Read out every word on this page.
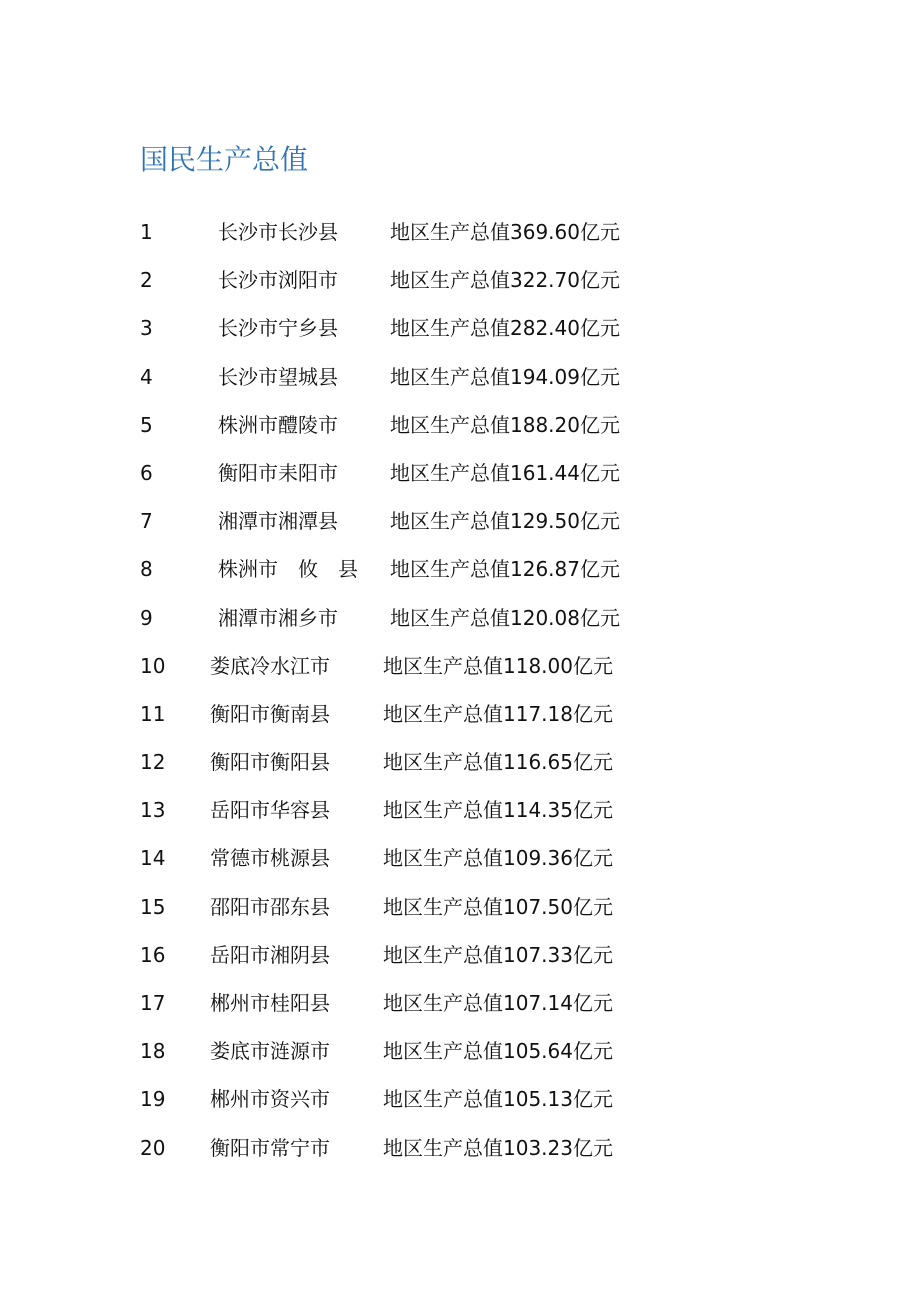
国民生产总值
1	长沙市长沙县	地区生产总值369.60亿元
2	长沙市浏阳市	地区生产总值322.70亿元
3	长沙市宁乡县	地区生产总值282.40亿元
4	长沙市望城县	地区生产总值194.09亿元
5	株洲市醴陵市	地区生产总值188.20亿元
6	衡阳市耒阳市	地区生产总值161.44亿元
7	湘潭市湘潭县	地区生产总值129.50亿元
8	株洲市　攸　县	地区生产总值126.87亿元
9	湘潭市湘乡市	地区生产总值120.08亿元
10	娄底冷水江市	地区生产总值118.00亿元
11	衡阳市衡南县	地区生产总值117.18亿元
12	衡阳市衡阳县	地区生产总值116.65亿元
13	岳阳市华容县	地区生产总值114.35亿元
14	常德市桃源县	地区生产总值109.36亿元
15	邵阳市邵东县	地区生产总值107.50亿元
16	岳阳市湘阴县	地区生产总值107.33亿元
17	郴州市桂阳县	地区生产总值107.14亿元
18	娄底市涟源市	地区生产总值105.64亿元
19	郴州市资兴市	地区生产总值105.13亿元
20	衡阳市常宁市	地区生产总值103.23亿元
